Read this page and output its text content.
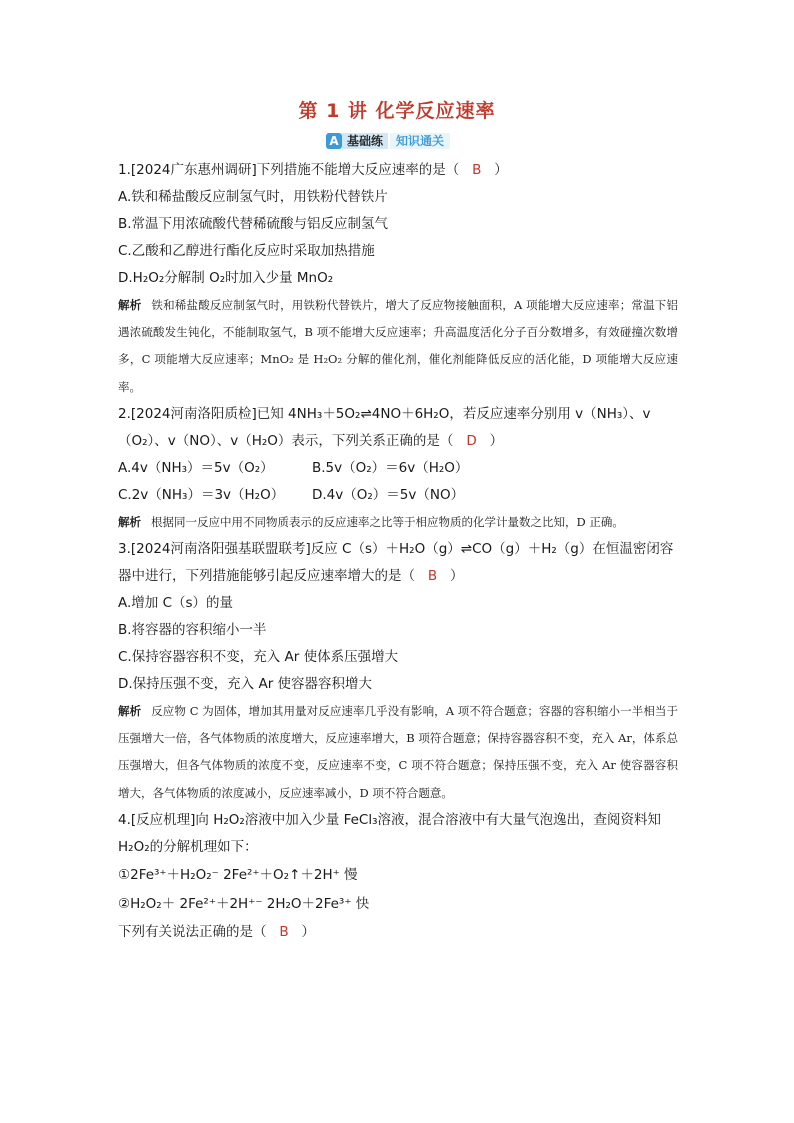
第 1 讲 化学反应速率
A 基础练	知识通关
1.[2024广东惠州调研]下列措施不能增大反应速率的是（ B ）
A.铁和稀盐酸反应制氢气时，用铁粉代替铁片
B.常温下用浓硫酸代替稀硫酸与铝反应制氢气
C.乙酸和乙醇进行酯化反应时采取加热措施
D.H₂O₂分解制 O₂时加入少量 MnO₂

解析 铁和稀盐酸反应制氢气时，用铁粉代替铁片，增大了反应物接触面积，A 项能增大反应速率；常温下铝遇浓硫酸发生钝化，不能制取氢气，B 项不能增大反应速率；升高温度活化分子百分数增多，有效碰撞次数增多，C 项能增大反应速率；MnO₂ 是 H₂O₂ 分解的催化剂，催化剂能降低反应的活化能，D 项能增大反应速率。

2.[2024河南洛阳质检]已知 4NH₃＋5O₂⇌4NO＋6H₂O，若反应速率分别用 v（NH₃）、v
（O₂）、v（NO）、v（H₂O）表示，下列关系正确的是（ D ）
A.4v（NH₃）＝5v（O₂）	B.5v（O₂）＝6v（H₂O）
C.2v（NH₃）＝3v（H₂O）	D.4v（O₂）＝5v（NO）

解析 根据同一反应中用不同物质表示的反应速率之比等于相应物质的化学计量数之比知，D 正确。

3.[2024河南洛阳强基联盟联考]反应 C（s）＋H₂O（g）⇌CO（g）＋H₂（g）在恒温密闭容
器中进行，下列措施能够引起反应速率增大的是（ B ）
A.增加 C（s）的量
B.将容器的容积缩小一半
C.保持容器容积不变，充入 Ar 使体系压强增大
D.保持压强不变，充入 Ar 使容器容积增大

解析 反应物 C 为固体，增加其用量对反应速率几乎没有影响，A 项不符合题意；容器的容积缩小一半相当于压强增大一倍，各气体物质的浓度增大，反应速率增大，B 项符合题意；保持容器容积不变，充入 Ar，体系总压强增大，但各气体物质的浓度不变，反应速率不变，C 项不符合题意；保持压强不变，充入 Ar 使容器容积增大，各气体物质的浓度减小，反应速率减小，D 项不符合题意。

4.[反应机理]向 H₂O₂溶液中加入少量 FeCl₃溶液，混合溶液中有大量气泡逸出，查阅资料知
H₂O₂的分解机理如下：
①2Fe³⁺＋H₂O₂⁻ 2Fe²⁺＋O₂↑＋2H⁺ 慢
②H₂O₂＋ 2Fe²⁺＋2H⁺⁻ 2H₂O＋2Fe³⁺ 快
下列有关说法正确的是（ B ）
